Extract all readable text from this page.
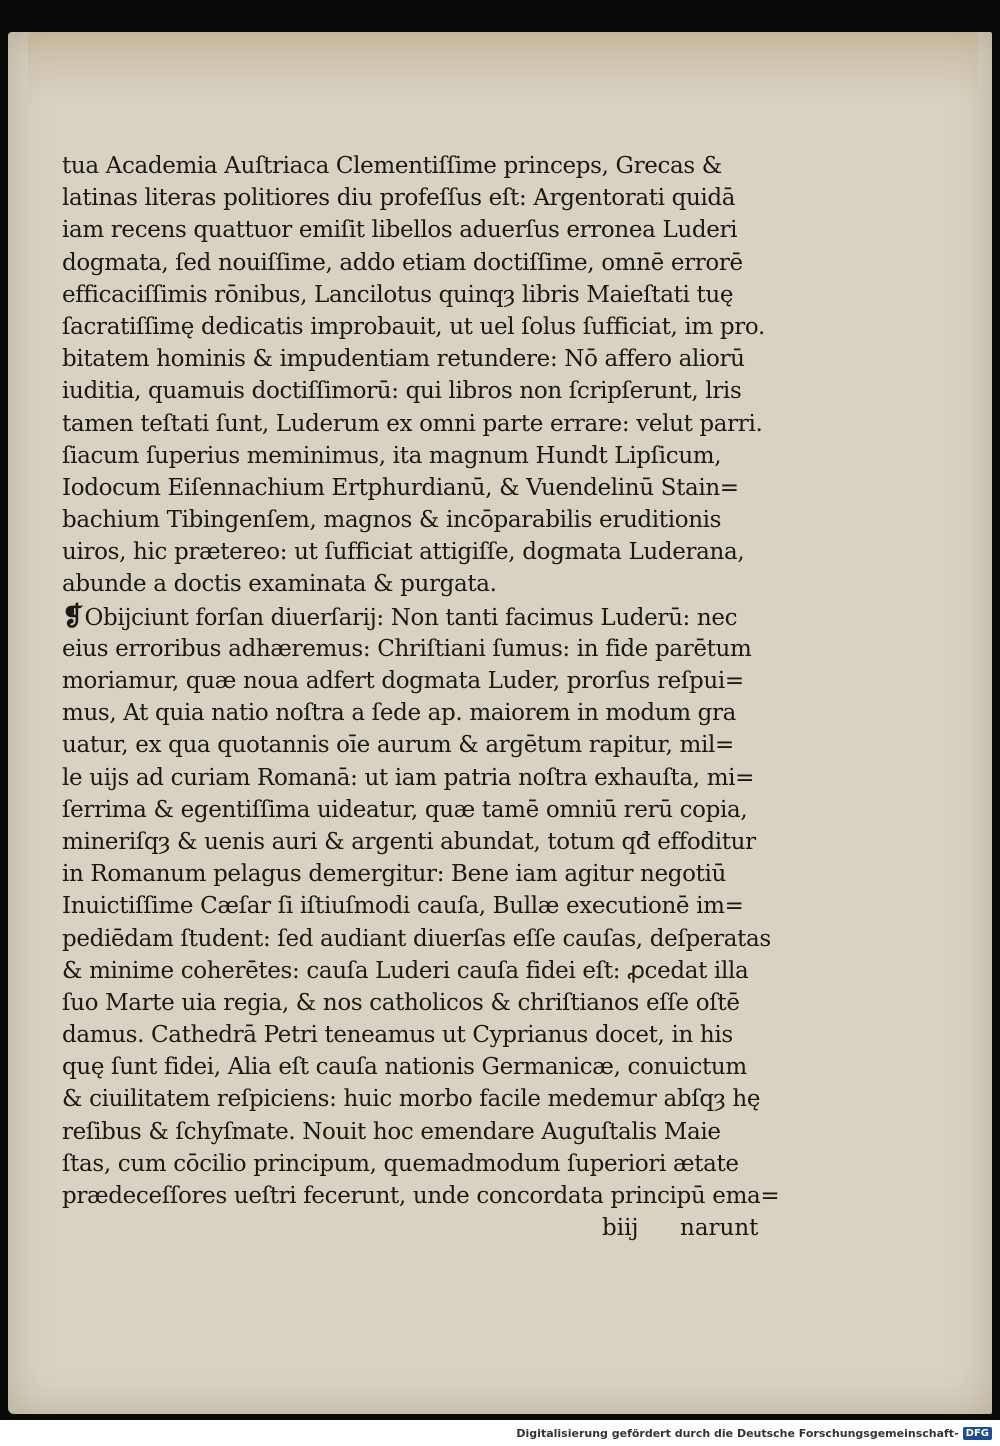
tua Academia Auſtriaca Clementiſſime princeps, Grecas &
latinas literas politiores diu profeſſus eſt: Argentorati quidā
iam recens quattuor emiſit libellos aduerſus erronea Luderi
dogmata, ſed nouiſſime, addo etiam doctiſſime, omnē errorē
efficaciſſimis rōnibus, Lancilotus quinqȝ libris Maieſtati tuę
ſacratiſſimę dedicatis improbauit, ut uel ſolus ſufficiat, im pro.
bitatem hominis & impudentiam retundere: Nō affero aliorū
iuditia, quamuis doctiſſimorū: qui libros non ſcripſerunt, lris
tamen teſtati ſunt, Luderum ex omni parte errare: velut parri.
ſiacum ſuperius meminimus, ita magnum Hundt Lipſicum,
Iodocum Eiſennachium Ertphurdianū, & Vuendelinū Stain=
bachium Tibingenſem, magnos & incōparabilis eruditionis
uiros, hic prætereo: ut ſufficiat attigiſſe, dogmata Luderana,
abunde a doctis examinata & purgata.
❡Obijciunt forſan diuerſarij: Non tanti facimus Luderū: nec
eius erroribus adhæremus: Chriſtiani ſumus: in fide parētum
moriamur, quæ noua adfert dogmata Luder, prorſus reſpui=
mus, At quia natio noſtra a ſede ap. maiorem in modum gra
uatur, ex qua quotannis oīe aurum & argētum rapitur, mil=
le uijs ad curiam Romanā: ut iam patria noſtra exhauſta, mi=
ſerrima & egentiſſima uideatur, quæ tamē omniū rerū copia,
mineriſqȝ & uenis auri & argenti abundat, totum qđ effoditur
in Romanum pelagus demergitur: Bene iam agitur negotiū
Inuictiſſime Cæſar ſi iſtiuſmodi cauſa, Bullæ executionē im=
pediēdam ſtudent: ſed audiant diuerſas eſſe cauſas, deſperatas
& minime coherētes: cauſa Luderi cauſa fidei eſt: ꝓcedat illa
ſuo Marte uia regia, & nos catholicos & chriſtianos eſſe oſtē
damus. Cathedrā Petri teneamus ut Cyprianus docet, in his
quę ſunt fidei, Alia eſt cauſa nationis Germanicæ, conuictum
& ciuilitatem reſpiciens: huic morbo facile medemur abſqȝ hę
reſibus & ſchyſmate. Nouit hoc emendare Auguſtalis Maie
ſtas, cum cōcilio principum, quemadmodum ſuperiori ætate
prædeceſſores ueſtri fecerunt, unde concordata principū ema=
biij narunt
Digitalisierung gefördert durch die Deutsche Forschungsgemeinschaft - DFG
